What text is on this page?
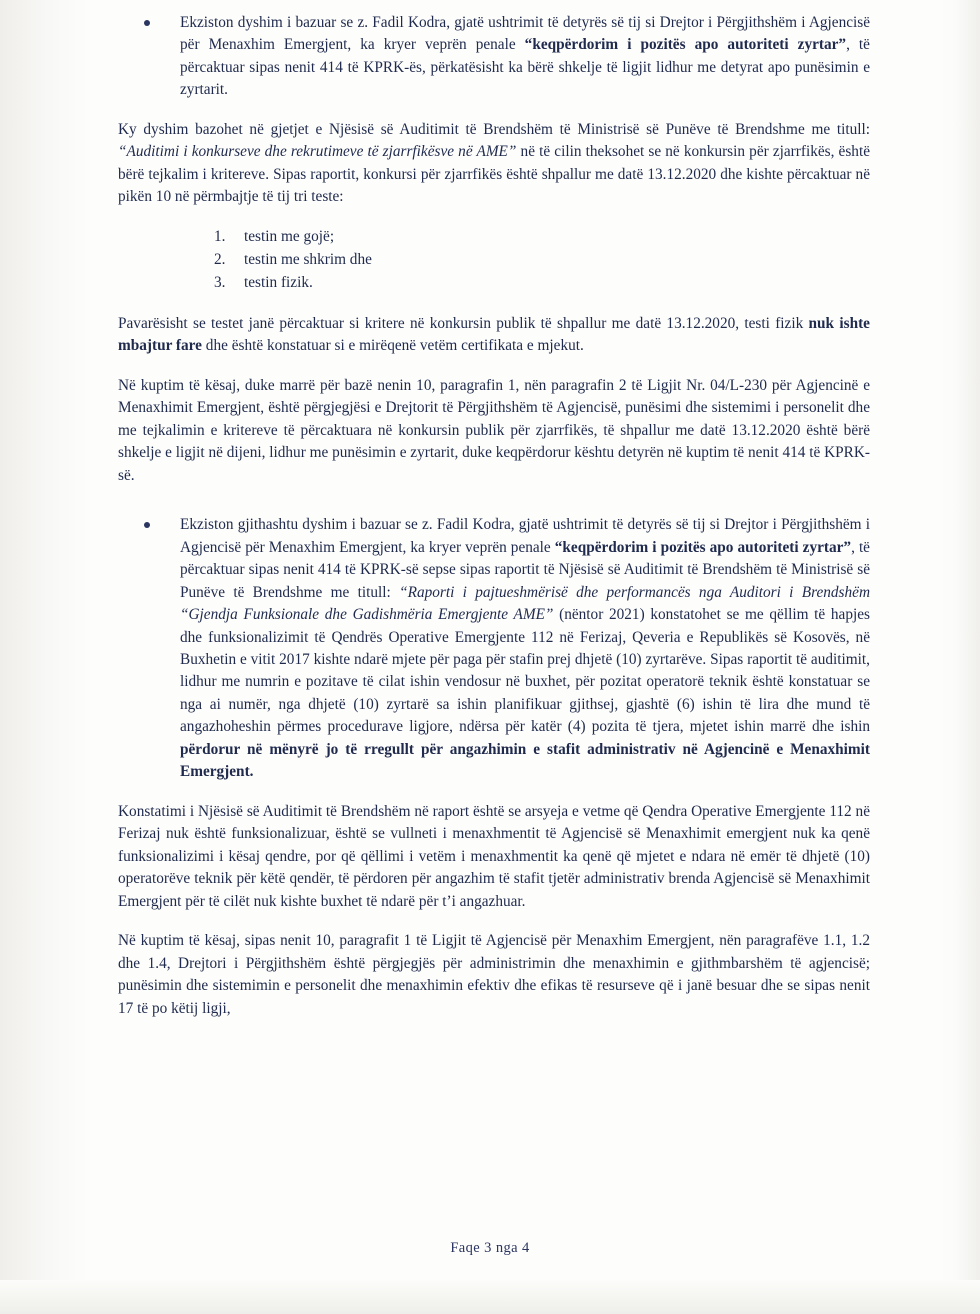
Ekziston dyshim i bazuar se z. Fadil Kodra, gjatë ushtrimit të detyrës së tij si Drejtor i Përgjithshëm i Agjencisë për Menaxhim Emergjent, ka kryer veprën penale “keqpërdorim i pozitës apo autoriteti zyrtar”, të përcaktuar sipas nenit 414 të KPRK-ës, përkatësisht ka bërë shkelje të ligjit lidhur me detyrat apo punësimin e zyrtarit.

Ky dyshim bazohet në gjetjet e Njësisë së Auditimit të Brendshëm të Ministrisë së Punëve të Brendshme me titull: “Auditimi i konkurseve dhe rekrutimeve të zjarrfikësve në AME” në të cilin theksohet se në konkursin për zjarrfikës, është bërë tejkalim i kritereve. Sipas raportit, konkursi për zjarrfikës është shpallur me datë 13.12.2020 dhe kishte përcaktuar në pikën 10 në përmbajtje të tij tri teste:

1. testin me gojë;
2. testin me shkrim dhe
3. testin fizik.

Pavarësisht se testet janë përcaktuar si kritere në konkursin publik të shpallur me datë 13.12.2020, testi fizik nuk ishte mbajtur fare dhe është konstatuar si e mirëqenë vetëm certifikata e mjekut.

Në kuptim të kësaj, duke marrë për bazë nenin 10, paragrafin 1, nën paragrafin 2 të Ligjit Nr. 04/L-230 për Agjencinë e Menaxhimit Emergjent, është përgjegjësi e Drejtorit të Përgjithshëm të Agjencisë, punësimi dhe sistemimi i personelit dhe me tejkalimin e kritereve të përcaktuara në konkursin publik për zjarrfikës, të shpallur me datë 13.12.2020 është bërë shkelje e ligjit në dijeni, lidhur me punësimin e zyrtarit, duke keqpërdorur kështu detyrën në kuptim të nenit 414 të KPRK-së.

Ekziston gjithashtu dyshim i bazuar se z. Fadil Kodra, gjatë ushtrimit të detyrës së tij si Drejtor i Përgjithshëm i Agjencisë për Menaxhim Emergjent, ka kryer veprën penale “keqpërdorim i pozitës apo autoriteti zyrtar”, të përcaktuar sipas nenit 414 të KPRK-së sepse sipas raportit të Njësisë së Auditimit të Brendshëm të Ministrisë së Punëve të Brendshme me titull: “Raporti i pajtueshmërisë dhe performancës nga Auditori i Brendshëm “Gjendja Funksionale dhe Gadishmëria Emergjente AME” (nëntor 2021) konstatohet se me qëllim të hapjes dhe funksionalizimit të Qendrës Operative Emergjente 112 në Ferizaj, Qeveria e Republikës së Kosovës, në Buxhetin e vitit 2017 kishte ndarë mjete për paga për stafin prej dhjetë (10) zyrtarëve. Sipas raportit të auditimit, lidhur me numrin e pozitave të cilat ishin vendosur në buxhet, për pozitat operatorë teknik është konstatuar se nga ai numër, nga dhjetë (10) zyrtarë sa ishin planifikuar gjithsej, gjashtë (6) ishin të lira dhe mund të angazhoheshin përmes procedurave ligjore, ndërsa për katër (4) pozita të tjera, mjetet ishin marrë dhe ishin përdorur në mënyrë jo të rregullt për angazhimin e stafit administrativ në Agjencinë e Menaxhimit Emergjent.

Konstatimi i Njësisë së Auditimit të Brendshëm në raport është se arsyeja e vetme që Qendra Operative Emergjente 112 në Ferizaj nuk është funksionalizuar, është se vullneti i menaxhmentit të Agjencisë së Menaxhimit emergjent nuk ka qenë funksionalizimi i kësaj qendre, por që qëllimi i vetëm i menaxhmentit ka qenë që mjetet e ndara në emër të dhjetë (10) operatorëve teknik për këtë qendër, të përdoren për angazhim të stafit tjetër administrativ brenda Agjencisë së Menaxhimit Emergjent për të cilët nuk kishte buxhet të ndarë për t’i angazhuar.

Në kuptim të kësaj, sipas nenit 10, paragrafit 1 të Ligjit të Agjencisë për Menaxhim Emergjent, nën paragrafëve 1.1, 1.2 dhe 1.4, Drejtori i Përgjithshëm është përgjegjës për administrimin dhe menaxhimin e gjithmbarshëm të agjencisë; punësimin dhe sistemimin e personelit dhe menaxhimin efektiv dhe efikas të resurseve që i janë besuar dhe se sipas nenit 17 të po këtij ligji,

Faqe 3 nga 4
